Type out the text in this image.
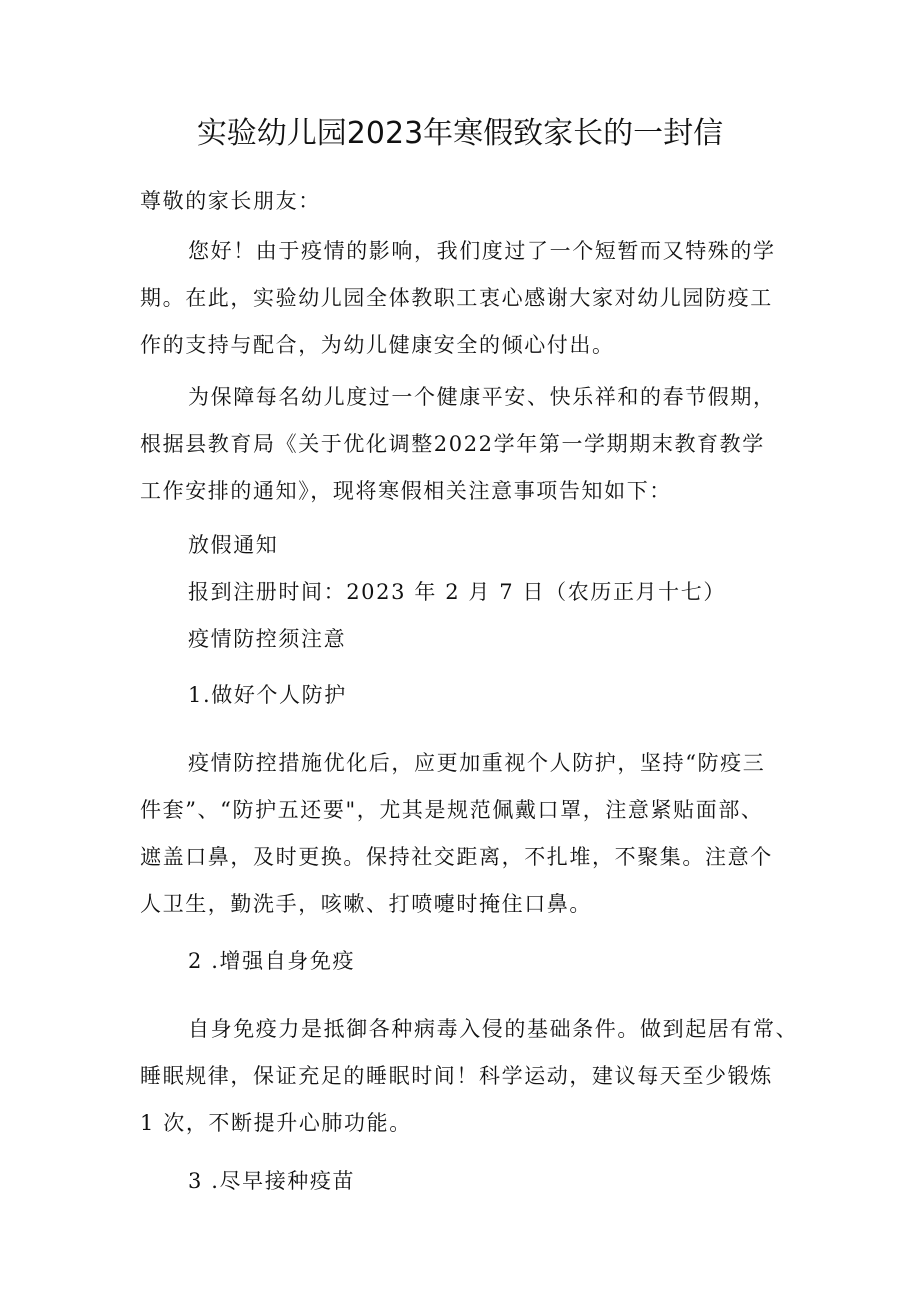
实验幼儿园2023年寒假致家长的一封信
尊敬的家长朋友：
您好！由于疫情的影响，我们度过了一个短暂而又特殊的学
期。在此，实验幼儿园全体教职工衷心感谢大家对幼儿园防疫工
作的支持与配合，为幼儿健康安全的倾心付出。
为保障每名幼儿度过一个健康平安、快乐祥和的春节假期，
根据县教育局《关于优化调整2022学年第一学期期末教育教学
工作安排的通知》，现将寒假相关注意事项告知如下：
放假通知
报到注册时间：2023 年 2 月 7 日（农历正月十七）
疫情防控须注意
1.做好个人防护
疫情防控措施优化后，应更加重视个人防护，坚持“防疫三
件套”、“防护五还要"，尤其是规范佩戴口罩，注意紧贴面部、
遮盖口鼻，及时更换。保持社交距离，不扎堆，不聚集。注意个
人卫生，勤洗手，咳嗽、打喷嚏时掩住口鼻。
2 .增强自身免疫
自身免疫力是抵御各种病毒入侵的基础条件。做到起居有常、
睡眠规律，保证充足的睡眠时间！科学运动，建议每天至少锻炼
1 次，不断提升心肺功能。
3 .尽早接种疫苗
